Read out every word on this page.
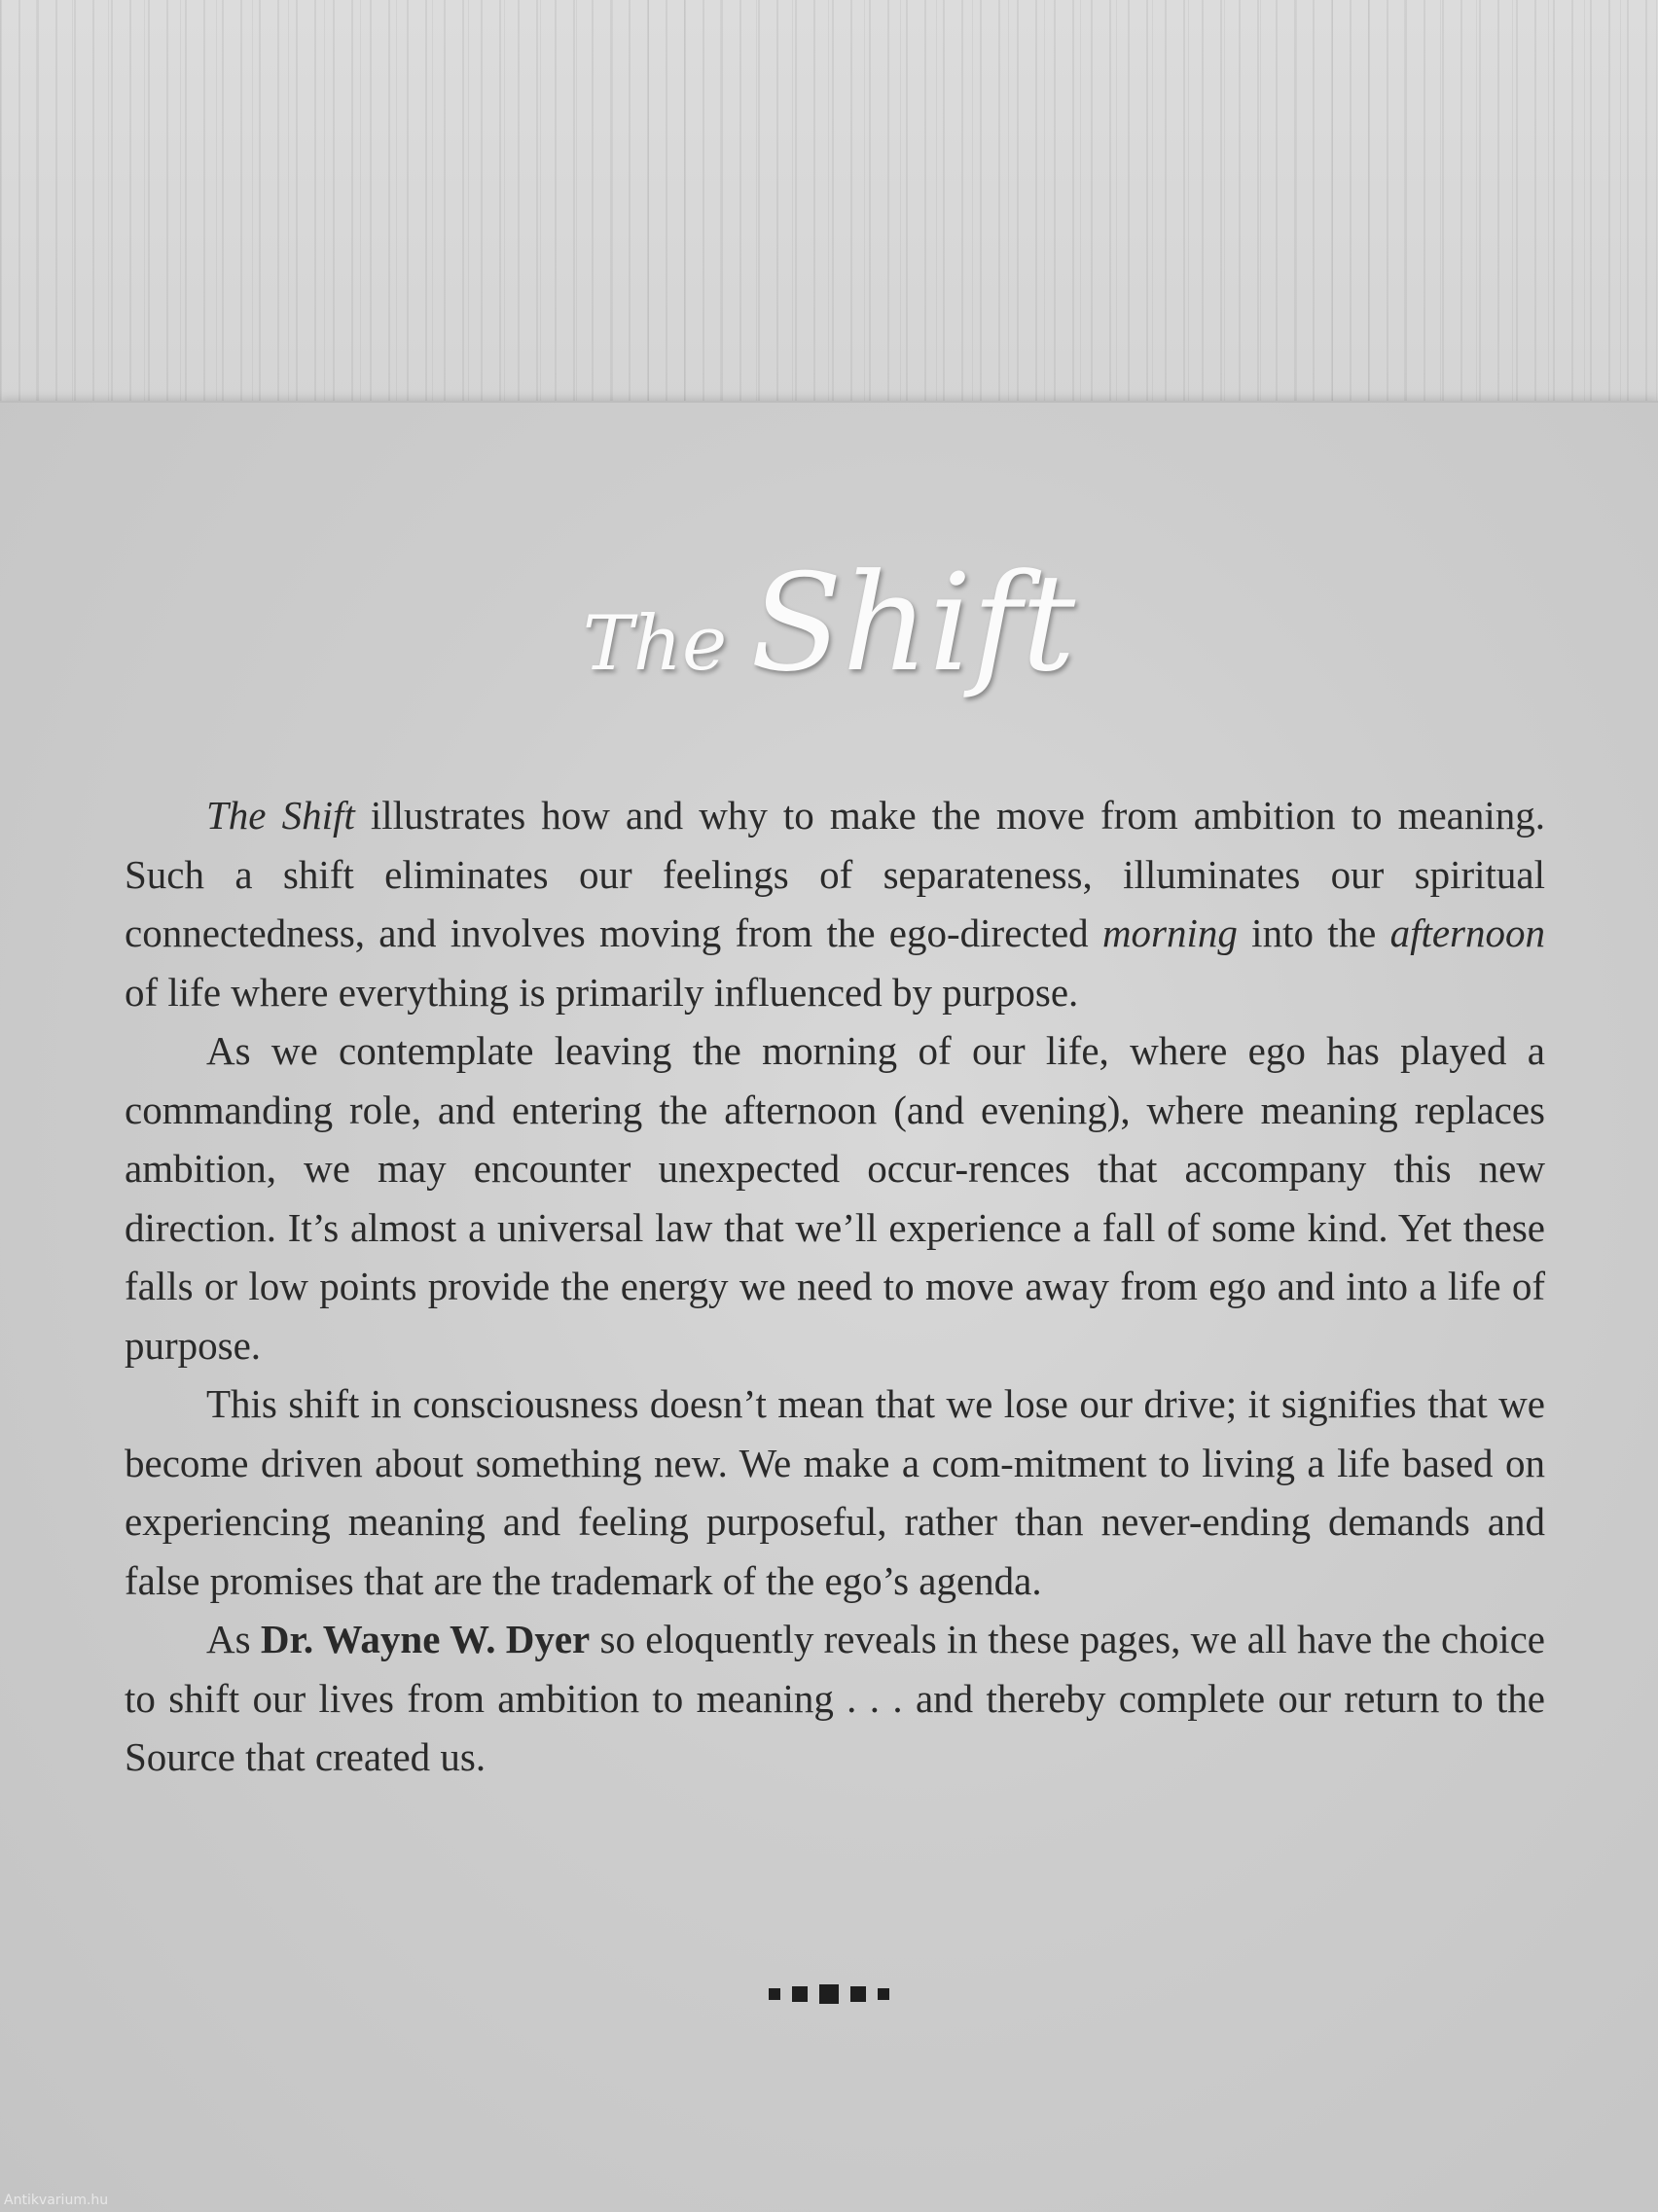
The Shift

The Shift illustrates how and why to make the move from ambition to meaning. Such a shift eliminates our feelings of separateness, illuminates our spiritual connectedness, and involves moving from the ego-directed morning into the afternoon of life where everything is primarily influenced by purpose.

As we contemplate leaving the morning of our life, where ego has played a commanding role, and entering the afternoon (and evening), where meaning replaces ambition, we may encounter unexpected occur-rences that accompany this new direction. It’s almost a universal law that we’ll experience a fall of some kind. Yet these falls or low points provide the energy we need to move away from ego and into a life of purpose.

This shift in consciousness doesn’t mean that we lose our drive; it signifies that we become driven about something new. We make a com-mitment to living a life based on experiencing meaning and feeling purposeful, rather than never-ending demands and false promises that are the trademark of the ego’s agenda.

As Dr. Wayne W. Dyer so eloquently reveals in these pages, we all have the choice to shift our lives from ambition to meaning . . . and thereby complete our return to the Source that created us.

Antikvarium.hu
